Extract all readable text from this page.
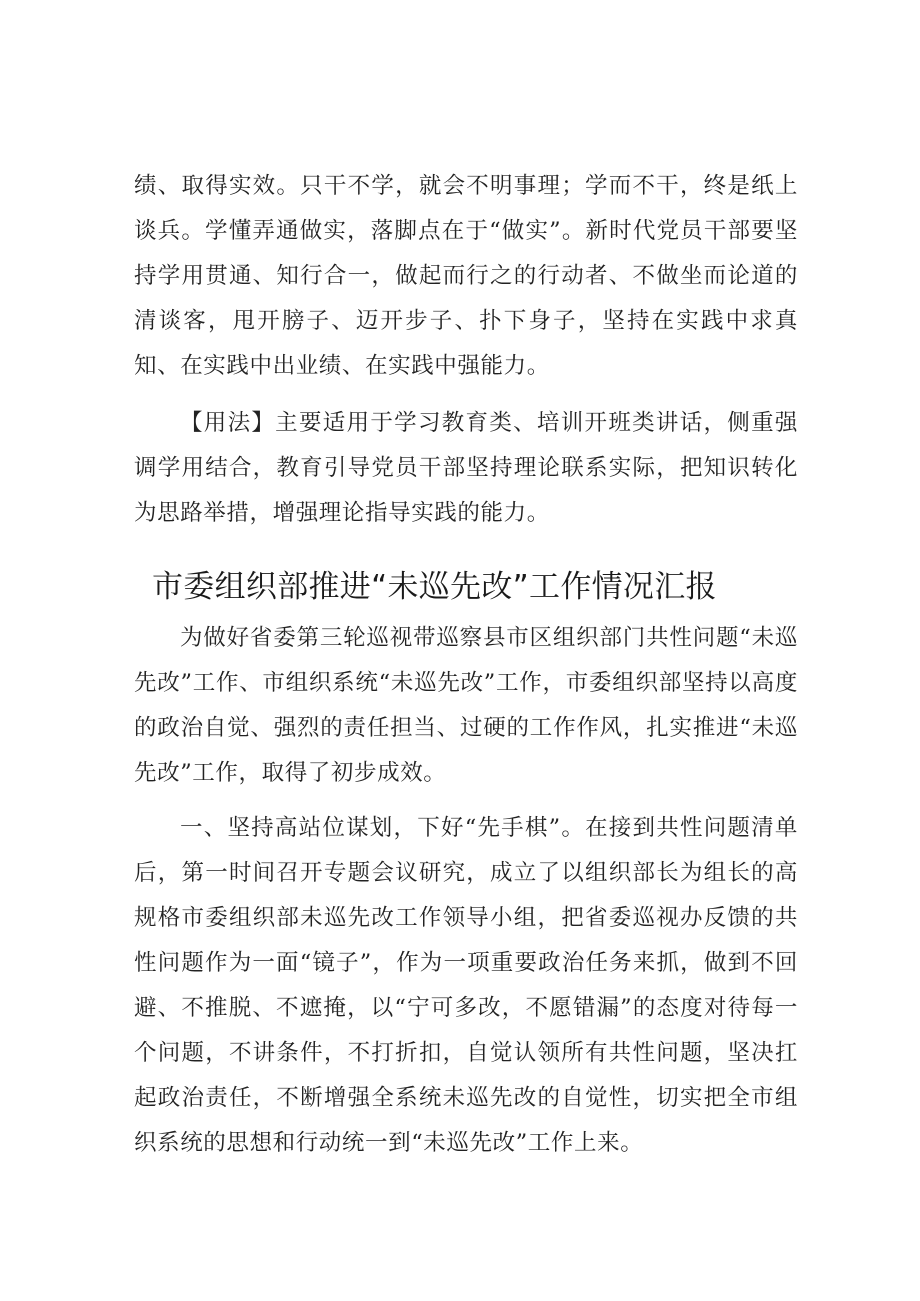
绩、取得实效。只干不学，就会不明事理；学而不干，终是纸上谈兵。学懂弄通做实，落脚点在于“做实”。新时代党员干部要坚持学用贯通、知行合一，做起而行之的行动者、不做坐而论道的清谈客，甩开膀子、迈开步子、扑下身子，坚持在实践中求真知、在实践中出业绩、在实践中强能力。

【用法】主要适用于学习教育类、培训开班类讲话，侧重强调学用结合，教育引导党员干部坚持理论联系实际，把知识转化为思路举措，增强理论指导实践的能力。

市委组织部推进“未巡先改”工作情况汇报

为做好省委第三轮巡视带巡察县市区组织部门共性问题“未巡先改”工作、市组织系统“未巡先改”工作，市委组织部坚持以高度的政治自觉、强烈的责任担当、过硬的工作作风，扎实推进“未巡先改”工作，取得了初步成效。

一、坚持高站位谋划，下好“先手棋”。在接到共性问题清单后，第一时间召开专题会议研究，成立了以组织部长为组长的高规格市委组织部未巡先改工作领导小组，把省委巡视办反馈的共性问题作为一面“镜子”，作为一项重要政治任务来抓，做到不回避、不推脱、不遮掩，以“宁可多改，不愿错漏”的态度对待每一个问题，不讲条件，不打折扣，自觉认领所有共性问题，坚决扛起政治责任，不断增强全系统未巡先改的自觉性，切实把全市组织系统的思想和行动统一到“未巡先改”工作上来。
